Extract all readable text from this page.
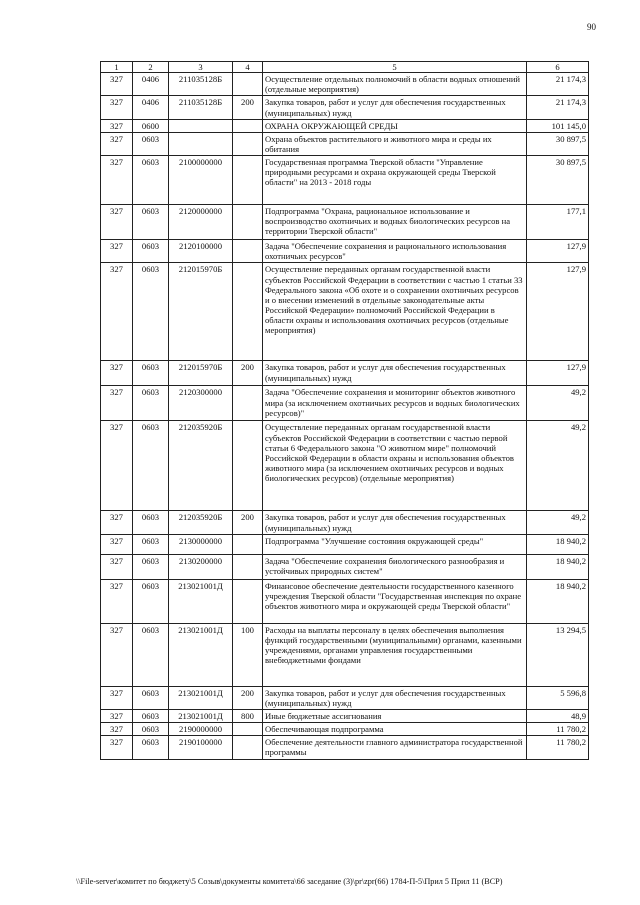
90
1	2	3	4	5	6
327	0406	211035128Б		Осуществление отдельных полномочий в области водных отношений (отдельные мероприятия)	21 174,3
327	0406	211035128Б	200	Закупка товаров, работ и услуг для обеспечения государственных (муниципальных) нужд	21 174,3
327	0600			ОХРАНА ОКРУЖАЮЩЕЙ СРЕДЫ	101 145,0
327	0603			Охрана объектов растительного и животного мира и среды их обитания	30 897,5
327	0603	2100000000		Государственная программа Тверской области "Управление природными ресурсами и охрана окружающей среды Тверской области" на 2013 - 2018 годы	30 897,5
327	0603	2120000000		Подпрограмма "Охрана, рациональное использование и воспроизводство охотничьих и водных биологических ресурсов на территории Тверской области"	177,1
327	0603	2120100000		Задача "Обеспечение сохранения и рационального использования охотничьих ресурсов"	127,9
327	0603	212015970Б		Осуществление переданных органам государственной власти субъектов Российской Федерации в соответствии с частью 1 статьи 33 Федерального закона «Об охоте и о сохранении охотничьих ресурсов и о внесении изменений в отдельные законодательные акты Российской Федерации» полномочий Российской Федерации в области охраны и использования охотничьих ресурсов (отдельные мероприятия)	127,9
327	0603	212015970Б	200	Закупка товаров, работ и услуг для обеспечения государственных (муниципальных) нужд	127,9
327	0603	2120300000		Задача "Обеспечение сохранения и мониторинг объектов животного мира (за исключением охотничьих ресурсов и водных биологических ресурсов)"	49,2
327	0603	212035920Б		Осуществление переданных органам государственной власти субъектов Российской Федерации в соответствии с частью первой статьи 6 Федерального закона "О животном мире" полномочий Российской Федерации в области охраны и использования объектов животного мира (за исключением охотничьих ресурсов и водных биологических ресурсов) (отдельные мероприятия)	49,2
327	0603	212035920Б	200	Закупка товаров, работ и услуг для обеспечения государственных (муниципальных) нужд	49,2
327	0603	2130000000		Подпрограмма "Улучшение состояния окружающей среды"	18 940,2
327	0603	2130200000		Задача "Обеспечение сохранения биологического разнообразия и устойчивых природных систем"	18 940,2
327	0603	213021001Д		Финансовое обеспечение деятельности государственного казенного учреждения Тверской области "Государственная инспекция по охране объектов животного мира и окружающей среды Тверской области"	18 940,2
327	0603	213021001Д	100	Расходы на выплаты персоналу в целях обеспечения выполнения функций государственными (муниципальными) органами, казенными учреждениями, органами управления государственными внебюджетными фондами	13 294,5
327	0603	213021001Д	200	Закупка товаров, работ и услуг для обеспечения государственных (муниципальных) нужд	5 596,8
327	0603	213021001Д	800	Иные бюджетные ассигнования	48,9
327	0603	2190000000		Обеспечивающая подпрограмма	11 780,2
327	0603	2190100000		Обеспечение деятельности главного администратора государственной программы	11 780,2
\\File-server\комитет по бюджету\5 Созыв\документы комитета\66 заседание (3)\pr\zpr(66) 1784-П-5\Прил 5 Прил 11 (ВСР)
